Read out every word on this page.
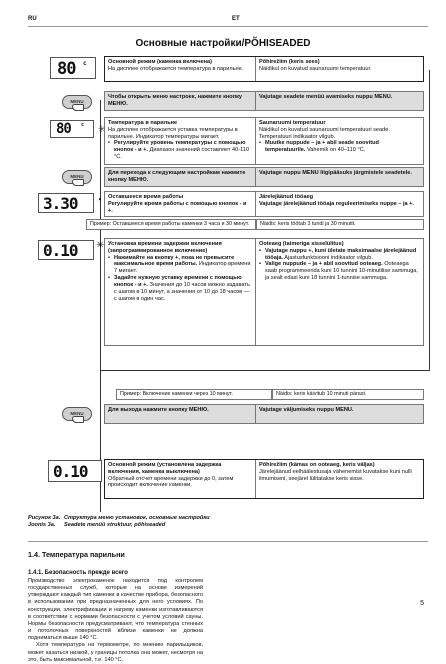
RU	ET
Основные настройки/PÕHISEADED
80 c	Основной режим (каменка включена)
На дисплее отображается температура в парильне.
Põhirežiim (keris sees)
Näidikul on kuvatud saunaruumi temperatuur.
MENU
Чтобы открыть меню настроек, нажмите кнопку МЕНЮ.
Vajutage seadete menüü avamiseks nuppu MENU.
80 c ✳
Температура в парильне
На дисплее отображается уставка температуры в парильне. Индикатор температуры мигает.
• Регулируйте уровень температуры с помощью кнопок - и +. Диапазон значений составляет 40-110 °C.
Saunaruumi temperatuur
Näidikul on kuvatud saunaruumi temperatuuri seade. Temperatuuri indikaator vilgub.
• Muutke nuppude – ja + abil seade soovitud temperatuurile. Vahemik on 40–110 °C.
MENU
Для перехода к следующим настройкам нажмите кнопку МЕНЮ.
Vajutage nuppu MENU liigipääsuks järgmistele seadetele.
3.30 ◔ Оставшееся время работы
Регулируйте время работы с помощью кнопок - и +.
Järelejäänud tööaeg
Vajutage järelejäänud tööaja reguleerimiseks nuppe – ja +.
Пример: Оставшееся время работы каменки 3 часа и 30 минут.	Näidis: keris töötab 3 tundi ja 30 minutit.
0.10 ✳ Установка времени задержки включения (запрограммированное включение)
• Нажимайте на кнопку +, пока не превысите максимальное время работы. Индикатор времени 7 мигает.
• Задайте нужную уставку времени с помощью кнопок - и +. Значения до 10 часов можно задавать с шагом в 10 минут, а значения от 10 до 18 часов — с шагом в один час.
Ooteaeg (taimeriga sisselülitus)
• Vajutage nuppu +, kuni ületate maksimaalse järelejäänud tööaja. Ajastusfunktsiooni indikaator vilgub.
• Valige nuppude – ja + abil soovitud ooteaeg. Ooteaega saab programmeerida kuni 10 tunnini 10-minutilise sammuga, ja sealt edasi kuni 18 tunnini 1-tunnise sammuga.
Пример: Включение каменки через 10 минут.	Näidis: keris käivitub 10 minuti pärast.
MENU
Для выхода нажмите кнопку МЕНЮ.	Vajutage väljumiseks nuppu MENU.
0.10	Основной режим (установлена задержка включения, каменка выключена)
Обратный отсчет времени задержки до 0, затем происходит включение каменки.
Põhirežiim (kämas on ooteaeg, keris väljas)
Järelejäänud eelhäälestusaja vähenemist kuvatakse kuni nulli ilmumiseni, seejärel lülitatakse keris sisse.
Рисунок 3а. Структура меню установок, основные настройки
Joonis 3a. Seadete menüü struktuur, põhiseaded
1.4. Температура парильни
1.4.1. Безопасность прежде всего

Производство электрокаменок находится под контролем государственных служб, которые на основе измерений утверждают каждый тип каменки в качестве прибора, безопасного в использовании при предназначенных для него условиях. По конструкции, электрификации и нагреву каменки изготавливаются в соответствии с нормами безопасности с учетом условий сауны. Нормы безопасности предусматривают, что температура стенных и потолочных поверхностей вблизи каменки не должна подниматься выше 140 °C.

Хотя температура на термометре, по мнению парильщиков, может казаться низкой, у границы потолка она может, несмотря на это, быть максимальной, т.е. 140 °C.

5
